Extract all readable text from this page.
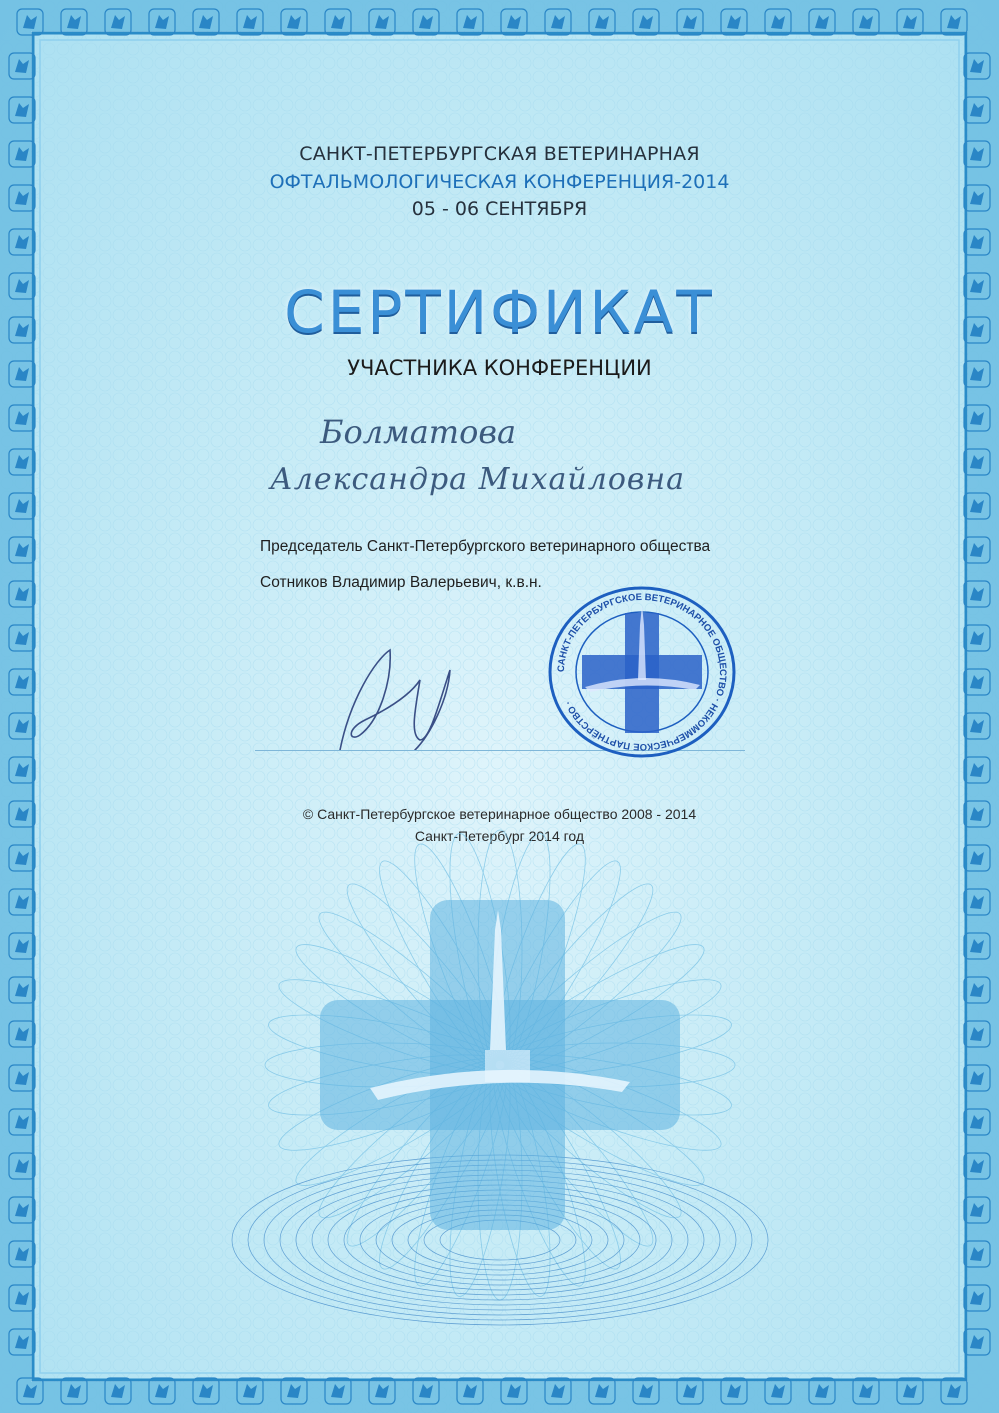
САНКТ-ПЕТЕРБУРГСКАЯ ВЕТЕРИНАРНАЯ
ОФТАЛЬМОЛОГИЧЕСКАЯ КОНФЕРЕНЦИЯ-2014
05 - 06 СЕНТЯБРЯ
СЕРТИФИКАТ
УЧАСТНИКА КОНФЕРЕНЦИИ
Болматова
Александра Михайловна
Председатель Санкт-Петербургского ветеринарного общества
Сотников Владимир Валерьевич, к.в.н.
САНКТ-ПЕТЕРБУРГСКОЕ ВЕТЕРИНАРНОЕ ОБЩЕСТВО · НЕКОММЕРЧЕСКОЕ ПАРТНЁРСТВО ·
© Санкт-Петербургское ветеринарное общество 2008 - 2014
Санкт-Петербург 2014 год
